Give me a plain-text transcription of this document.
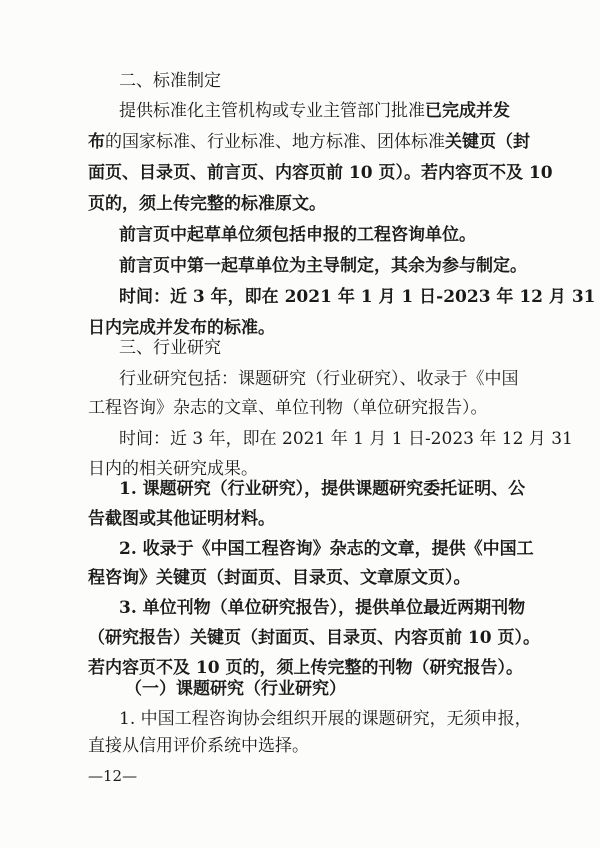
二、标准制定

提供标准化主管机构或专业主管部门批准已完成并发

布的国家标准、行业标准、地方标准、团体标准关键页（封

面页、目录页、前言页、内容页前 10 页）。若内容页不及 10

页的，须上传完整的标准原文。

前言页中起草单位须包括申报的工程咨询单位。

前言页中第一起草单位为主导制定，其余为参与制定。

时间：近 3 年，即在 2021 年 1 月 1 日-2023 年 12 月 31

日内完成并发布的标准。

三、行业研究

行业研究包括：课题研究（行业研究）、收录于《中国

工程咨询》杂志的文章、单位刊物（单位研究报告）。

时间：近 3 年，即在 2021 年 1 月 1 日-2023 年 12 月 31

日内的相关研究成果。

1. 课题研究（行业研究），提供课题研究委托证明、公

告截图或其他证明材料。

2. 收录于《中国工程咨询》杂志的文章，提供《中国工

程咨询》关键页（封面页、目录页、文章原文页）。

3. 单位刊物（单位研究报告），提供单位最近两期刊物

（研究报告）关键页（封面页、目录页、内容页前 10 页）。

若内容页不及 10 页的，须上传完整的刊物（研究报告）。

（一）课题研究（行业研究）

1. 中国工程咨询协会组织开展的课题研究，无须申报，

直接从信用评价系统中选择。

—12—
